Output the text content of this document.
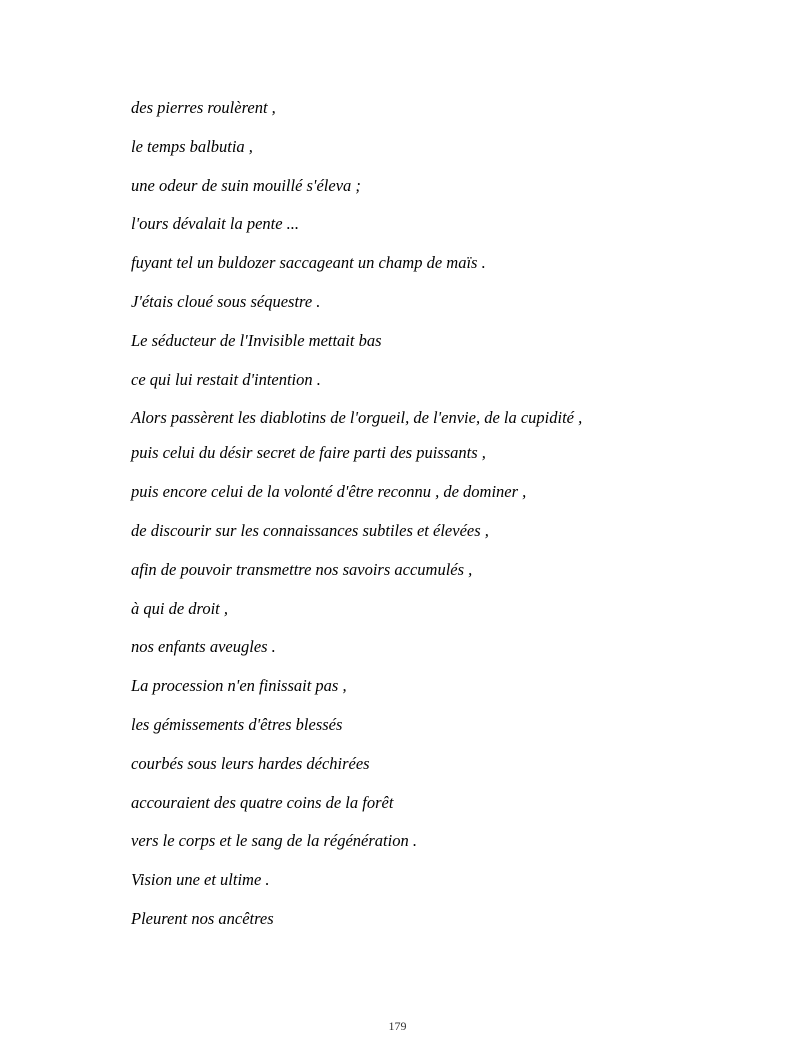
des pierres roulèrent ,

le temps balbutia ,

une odeur de suin mouillé s'éleva ;

l'ours dévalait la pente ...

fuyant tel un buldozer saccageant un champ de maïs .

J'étais cloué sous séquestre .

Le séducteur de l'Invisible mettait bas

ce qui lui restait d'intention .

Alors passèrent les diablotins de l'orgueil, de l'envie, de la cupidité ,

puis celui du désir secret de faire parti des puissants ,

puis encore celui de la volonté d'être reconnu , de dominer ,

de discourir sur les connaissances subtiles et élevées ,

afin de pouvoir transmettre nos savoirs accumulés ,

à qui de droit ,

nos enfants aveugles .

La procession n'en finissait pas ,

les gémissements d'êtres blessés

courbés sous leurs hardes déchirées

accouraient des quatre coins de la forêt

vers le corps et le sang de la régénération .

Vision une et ultime .

Pleurent nos ancêtres

179
